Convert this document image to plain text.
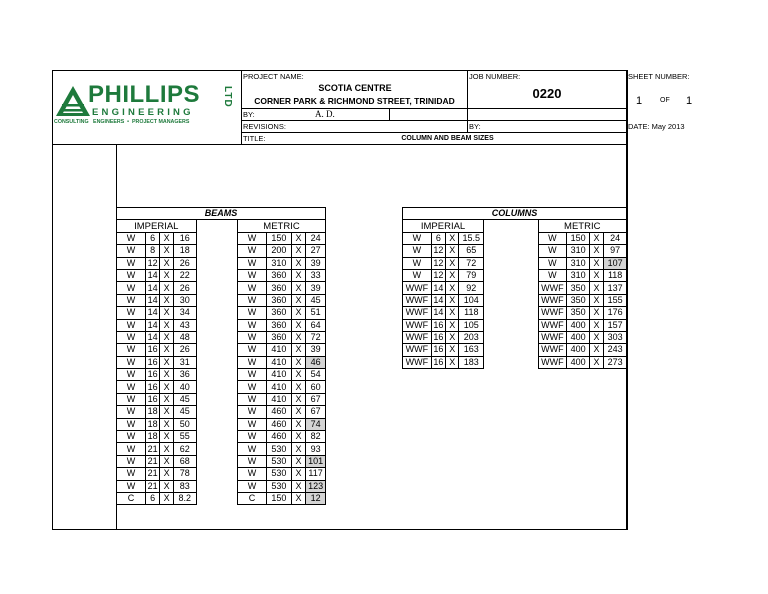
PHILLIPS
ENGINEERING
LTD
CONSULTING   ENGINEERS  •  PROJECT MANAGERS
PROJECT NAME:
SCOTIA CENTRE
CORNER PARK & RICHMOND STREET, TRINIDAD
JOB NUMBER:
0220
SHEET NUMBER:
1	OF 1
BY:	A. D.
REVISIONS:	BY:	DATE: May 2013
TITLE:	COLUMN AND BEAM SIZES
BEAMS								
IMPERIAL					METRIC			
W	6	X	16		W	150	X	24
W	8	X	18		W	200	X	27
W	12	X	26		W	310	X	39
W	14	X	22		W	360	X	33
W	14	X	26		W	360	X	39
W	14	X	30		W	360	X	45
W	14	X	34		W	360	X	51
W	14	X	43		W	360	X	64
W	14	X	48		W	360	X	72
W	16	X	26		W	410	X	39
W	16	X	31		W	410	X	46
W	16	X	36		W	410	X	54
W	16	X	40		W	410	X	60
W	16	X	45		W	410	X	67
W	18	X	45		W	460	X	67
W	18	X	50		W	460	X	74
W	18	X	55		W	460	X	82
W	21	X	62		W	530	X	93
W	21	X	68		W	530	X	101
W	21	X	78		W	530	X	117
W	21	X	83		W	530	X	123
C	6	X	8.2		C	150	X	12
COLUMNS								
IMPERIAL					METRIC			
W	6	X	15.5		W	150	X	24
W	12	X	65		W	310	X	97
W	12	X	72		W	310	X	107
W	12	X	79		W	310	X	118
WWF	14	X	92		WWF	350	X	137
WWF	14	X	104		WWF	350	X	155
WWF	14	X	118		WWF	350	X	176
WWF	16	X	105		WWF	400	X	157
WWF	16	X	203		WWF	400	X	303
WWF	16	X	163		WWF	400	X	243
WWF	16	X	183		WWF	400	X	273
